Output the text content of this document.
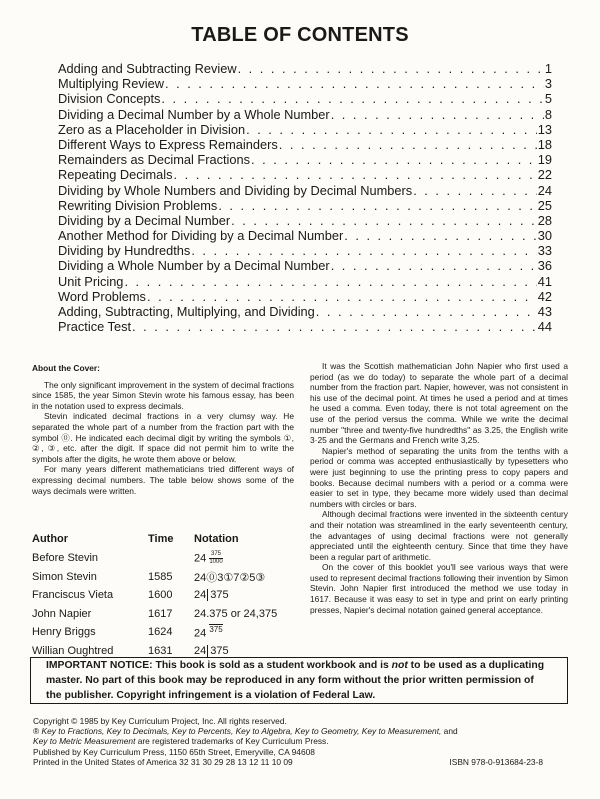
TABLE OF CONTENTS
Adding and Subtracting Review . . .	1
Multiplying Review . . .	3
Division Concepts . . .	5
Dividing a Decimal Number by a Whole Number . . .	8
Zero as a Placeholder in Division . . .	13
Different Ways to Express Remainders . . .	18
Remainders as Decimal Fractions . . .	19
Repeating Decimals . . .	22
Dividing by Whole Numbers and Dividing by Decimal Numbers . . .	24
Rewriting Division Problems . . .	25
Dividing by a Decimal Number . . .	28
Another Method for Dividing by a Decimal Number . . .	30
Dividing by Hundredths . . .	33
Dividing a Whole Number by a Decimal Number . . .	36
Unit Pricing . . .	41
Word Problems . . .	42
Adding, Subtracting, Multiplying, and Dividing . . .	43
Practice Test . . .	44

About the Cover:

The only significant improvement in the system of decimal fractions since 1585, the year Simon Stevin wrote his famous essay, has been in the notation used to express decimals.

Stevin indicated decimal fractions in a very clumsy way. He separated the whole part of a number from the fraction part with the symbol ⓪. He indicated each decimal digit by writing the symbols ①, ②, ③, etc. after the digit. If space did not permit him to write the symbols after the digits, he wrote them above or below.

For many years different mathematicians tried different ways of expressing decimal numbers. The table below shows some of the ways decimals were written.

Author	Time	Notation
Before Stevin		$24 \frac{375}{1000}$

Simon Stevin	1585	24⓪3①7②5③
Franciscus Vieta	1600	24 375
John Napier	1617	24.375 or 24,375
Henry Briggs	1624	24 $^{375}$
Willian Oughtred	1631	24 375

It was the Scottish mathematician John Napier who first used a period (as we do today) to separate the whole part of a decimal number from the fraction part. Napier, however, was not consistent in his use of the decimal point. At times he used a period and at times he used a comma. Even today, there is not total agreement on the use of the period versus the comma. While we write the decimal number "three and twenty-five hundredths" as 3.25, the English write 3·25 and the Germans and French write 3,25.

Napier's method of separating the units from the tenths with a period or comma was accepted enthusiastically by typesetters who were just beginning to use the printing press to copy papers and books. Because decimal numbers with a period or a comma were easier to set in type, they became more widely used than decimal numbers with circles or bars.

Although decimal fractions were invented in the sixteenth century and their notation was streamlined in the early seventeenth century, the advantages of using decimal fractions were not generally appreciated until the eighteenth century. Since that time they have been a regular part of arithmetic.

On the cover of this booklet you'll see various ways that were used to represent decimal fractions following their invention by Simon Stevin. John Napier first introduced the method we use today in 1617. Because it was easy to set in type and print on early printing presses, Napier's decimal notation gained general acceptance.

IMPORTANT NOTICE: This book is sold as a student workbook and is not to be used as a duplicating master. No part of this book may be reproduced in any form without the prior written permission of the publisher. Copyright infringement is a violation of Federal Law.

Copyright © 1985 by Key Curriculum Project, Inc. All rights reserved.

® Key to Fractions, Key to Decimals, Key to Percents, Key to Algebra, Key to Geometry, Key to Measurement, and

Key to Metric Measurement are registered trademarks of Key Curriculum Press.

Published by Key Curriculum Press, 1150 65th Street, Emeryville, CA 94608

Printed in the United States of America 32 31 30 29 28 13 12 11 10 09	ISBN 978-0-913684-23-8
